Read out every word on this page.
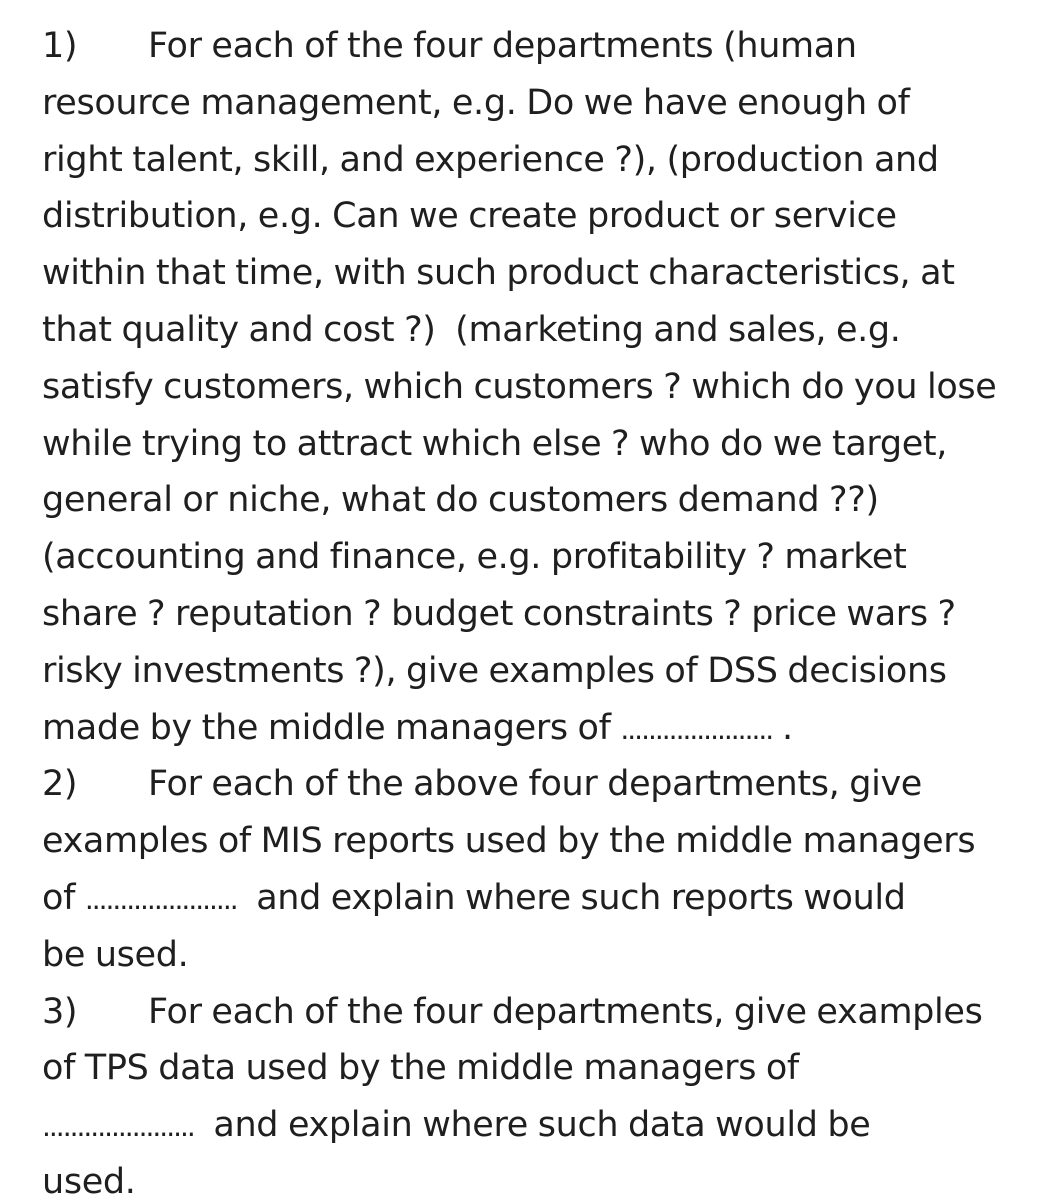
1) For each of the four departments (human
resource management, e.g. Do we have enough of
right talent, skill, and experience ?), (production and
distribution, e.g. Can we create product or service
within that time, with such product characteristics, at
that quality and cost ?)  (marketing and sales, e.g.
satisfy customers, which customers ? which do you lose
while trying to attract which else ? who do we target,
general or niche, what do customers demand ??)
(accounting and finance, e.g. profitability ? market
share ? reputation ? budget constraints ? price wars ?
risky investments ?), give examples of DSS decisions
made by the middle managers of ...................... .
2) For each of the above four departments, give
examples of MIS reports used by the middle managers
of ...................... and explain where such reports would
be used.
3) For each of the four departments, give examples
of TPS data used by the middle managers of
...................... and explain where such data would be
used.
